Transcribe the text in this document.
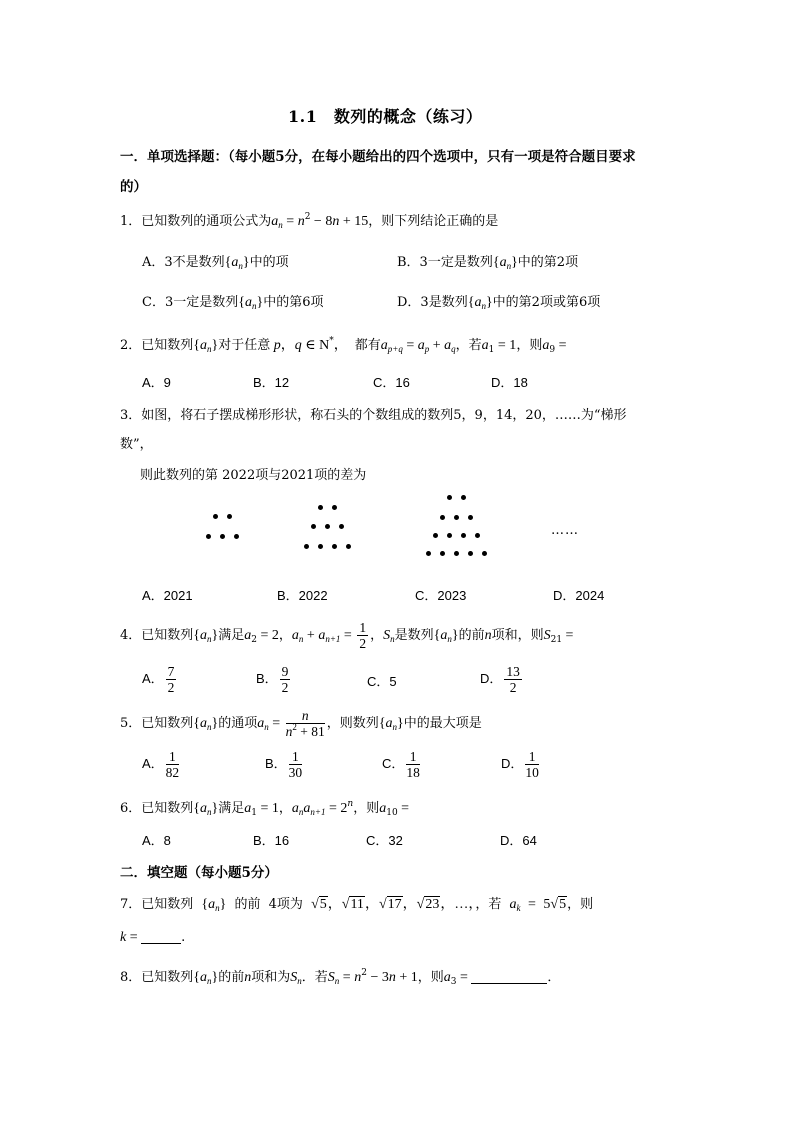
1.1　数列的概念（练习）
一．单项选择题：（每小题5分，在每小题给出的四个选项中，只有一项是符合题目要求
的）
1．已知数列的通项公式为$a_n = n^2 - 8n + 15$，则下列结论正确的是
A．3不是数列$\{a_n\}$中的项	B．3一定是数列$\{a_n\}$中的第2项
C．3一定是数列$\{a_n\}$中的第6项	D．3是数列$\{a_n\}$中的第2项或第6项
2．已知数列$\{a_n\}$对于任意 p，q ∈ N*，　都有$a_{p+q} = a_p + a_q$，若$a_1 = 1$，则$a_9$ =
A．9	B．12	C．16	D．18
3．如图，将石子摆成梯形形状，称石头的个数组成的数列5，9，14，20，……为“梯形
数”，
则此数列的第 2022项与2021项的差为
……
A．2021	B．2022	C．2023	D．2024
4．已知数列$\{a_n\}$满足$a_2 = 2$，$a_n + a_{n+1} = \frac{1}{2}$ ，$S_n$是数列$\{a_n\}$的前n项和，则$S_{21}$ =
A． $\frac{7}{2}$	B． $\frac{9}{2}$	C．5	D． $\frac{13}{2}$
5．已知数列$\{a_n\}$的通项$a_n = \frac{n}{n^2 + 81}$ ，则数列$\{a_n\}$中的最大项是
A． $\frac{1}{82}$	B． $\frac{1}{30}$	C． $\frac{1}{18}$	D． $\frac{1}{10}$
6．已知数列$\{a_n\}$满足$a_1 = 1$，$a_na_{n+1} = 2^n$，则$a_{10}$ =
A．8	B．16	C．32	D．64
二．填空题（每小题5分）
7．已知数列 $\{a_n\}$ 的前 4项为 √5，√11，√17，√23，…，，若 $a_k = 5√5$，则
k =	.
8．已知数列$\{a_n\}$的前n项和为$S_n$．若$S_n = n^2 - 3n + 1$，则$a_3$ =	．
